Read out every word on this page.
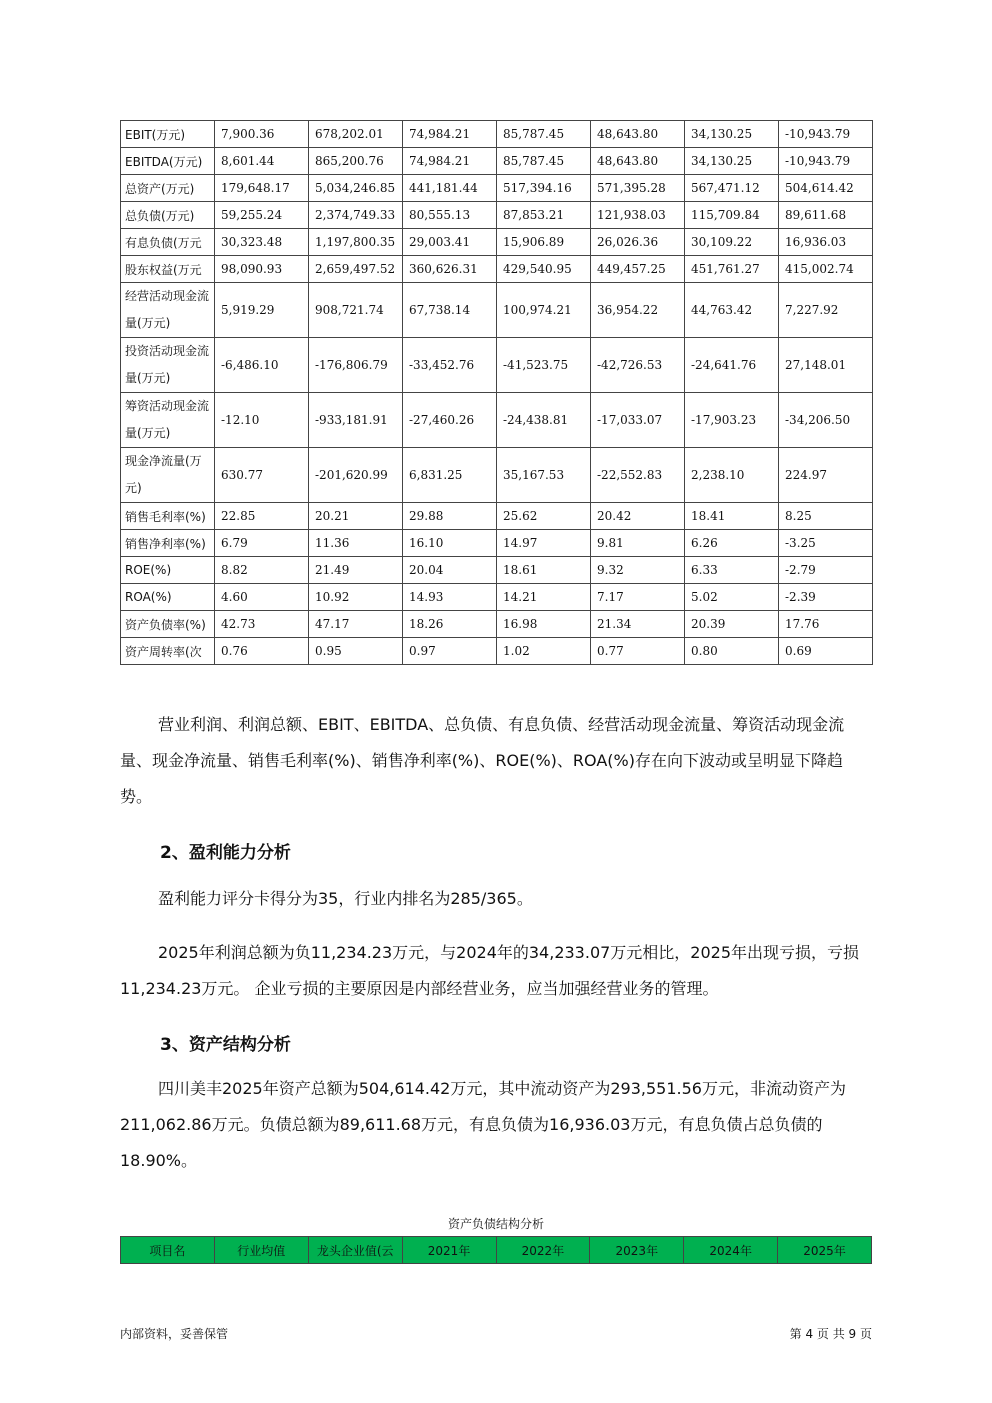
EBIT(万元)	7,900.36	678,202.01	74,984.21	85,787.45	48,643.80	34,130.25	-10,943.79
EBITDA(万元)	8,601.44	865,200.76	74,984.21	85,787.45	48,643.80	34,130.25	-10,943.79
总资产(万元)	179,648.17	5,034,246.85	441,181.44	517,394.16	571,395.28	567,471.12	504,614.42
总负债(万元)	59,255.24	2,374,749.33	80,555.13	87,853.21	121,938.03	115,709.84	89,611.68
有息负债(万元	30,323.48	1,197,800.35	29,003.41	15,906.89	26,026.36	30,109.22	16,936.03
股东权益(万元	98,090.93	2,659,497.52	360,626.31	429,540.95	449,457.25	451,761.27	415,002.74
经营活动现金流量(万元)	5,919.29	908,721.74	67,738.14	100,974.21	36,954.22	44,763.42	7,227.92
投资活动现金流量(万元)	-6,486.10	-176,806.79	-33,452.76	-41,523.75	-42,726.53	-24,641.76	27,148.01
筹资活动现金流量(万元)	-12.10	-933,181.91	-27,460.26	-24,438.81	-17,033.07	-17,903.23	-34,206.50
现金净流量(万元)	630.77	-201,620.99	6,831.25	35,167.53	-22,552.83	2,238.10	224.97
销售毛利率(%)	22.85	20.21	29.88	25.62	20.42	18.41	8.25
销售净利率(%)	6.79	11.36	16.10	14.97	9.81	6.26	-3.25
ROE(%)	8.82	21.49	20.04	18.61	9.32	6.33	-2.79
ROA(%)	4.60	10.92	14.93	14.21	7.17	5.02	-2.39
资产负债率(%)	42.73	47.17	18.26	16.98	21.34	20.39	17.76
资产周转率(次	0.76	0.95	0.97	1.02	0.77	0.80	0.69

营业利润、利润总额、EBIT、EBITDA、总负债、有息负债、经营活动现金流量、筹资活动现金流量、现金净流量、销售毛利率(%)、销售净利率(%)、ROE(%)、ROA(%)存在向下波动或呈明显下降趋势。

2、盈利能力分析

盈利能力评分卡得分为35，行业内排名为285/365。

2025年利润总额为负11,234.23万元，与2024年的34,233.07万元相比，2025年出现亏损，亏损11,234.23万元。 企业亏损的主要原因是内部经营业务，应当加强经营业务的管理。

3、资产结构分析

四川美丰2025年资产总额为504,614.42万元，其中流动资产为293,551.56万元，非流动资产为211,062.86万元。负债总额为89,611.68万元，有息负债为16,936.03万元，有息负债占总负债的18.90%。

资产负债结构分析
项目名	行业均值	龙头企业值(云	2021年	2022年	2023年	2024年	2025年
内部资料，妥善保管	第 4 页 共 9 页
